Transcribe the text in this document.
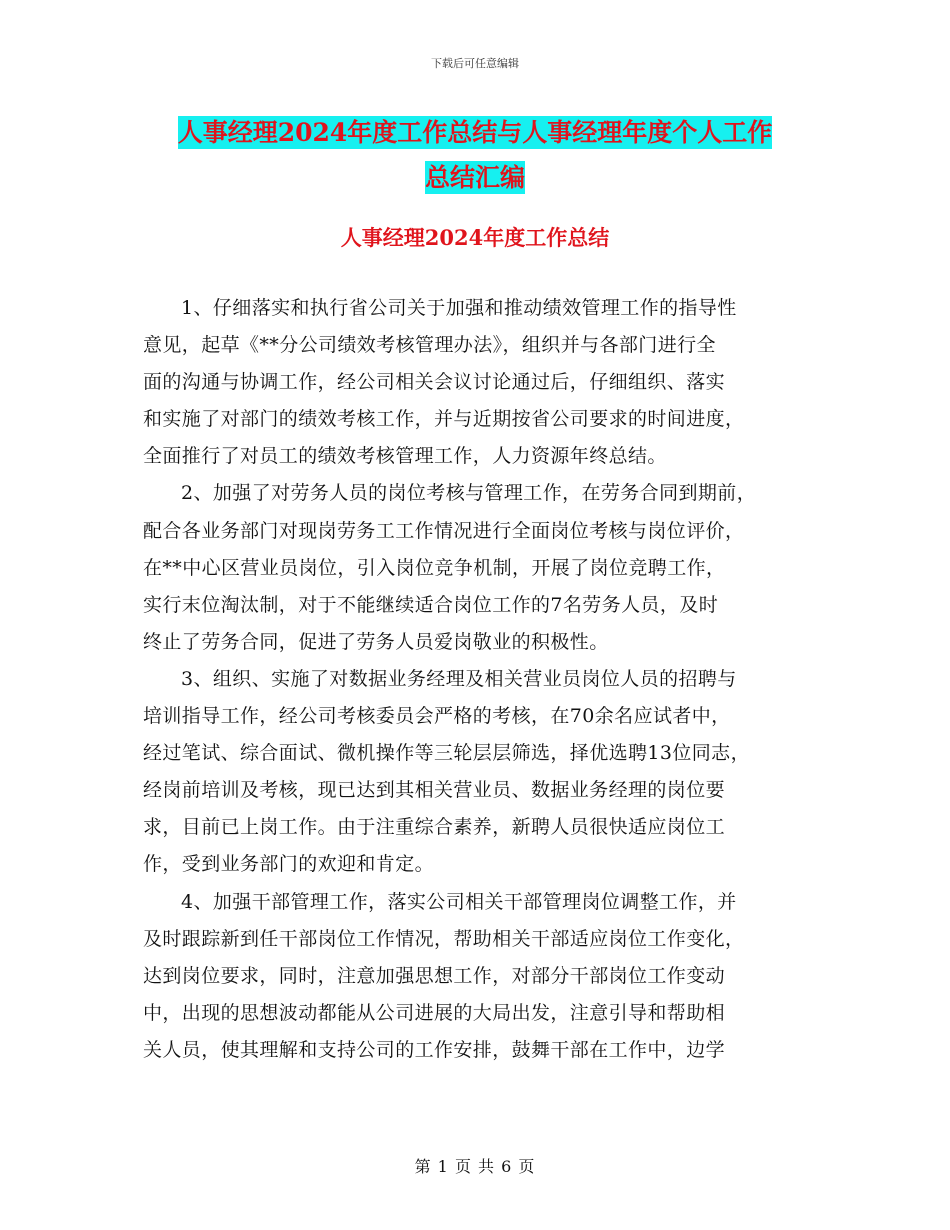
下载后可任意编辑
人事经理2024年度工作总结与人事经理年度个人工作
总结汇编
人事经理2024年度工作总结
1、仔细落实和执行省公司关于加强和推动绩效管理工作的指导性
意见，起草《**分公司绩效考核管理办法》，组织并与各部门进行全
面的沟通与协调工作，经公司相关会议讨论通过后，仔细组织、落实
和实施了对部门的绩效考核工作，并与近期按省公司要求的时间进度，
全面推行了对员工的绩效考核管理工作，人力资源年终总结。
2、加强了对劳务人员的岗位考核与管理工作，在劳务合同到期前，
配合各业务部门对现岗劳务工工作情况进行全面岗位考核与岗位评价，
在**中心区营业员岗位，引入岗位竞争机制，开展了岗位竞聘工作，
实行末位淘汰制，对于不能继续适合岗位工作的7名劳务人员，及时
终止了劳务合同，促进了劳务人员爱岗敬业的积极性。
3、组织、实施了对数据业务经理及相关营业员岗位人员的招聘与
培训指导工作，经公司考核委员会严格的考核，在70余名应试者中，
经过笔试、综合面试、微机操作等三轮层层筛选，择优选聘13位同志，
经岗前培训及考核，现已达到其相关营业员、数据业务经理的岗位要
求，目前已上岗工作。由于注重综合素养，新聘人员很快适应岗位工
作，受到业务部门的欢迎和肯定。
4、加强干部管理工作，落实公司相关干部管理岗位调整工作，并
及时跟踪新到任干部岗位工作情况，帮助相关干部适应岗位工作变化，
达到岗位要求，同时，注意加强思想工作，对部分干部岗位工作变动
中，出现的思想波动都能从公司进展的大局出发，注意引导和帮助相
关人员，使其理解和支持公司的工作安排，鼓舞干部在工作中，边学
第 1 页 共 6 页
